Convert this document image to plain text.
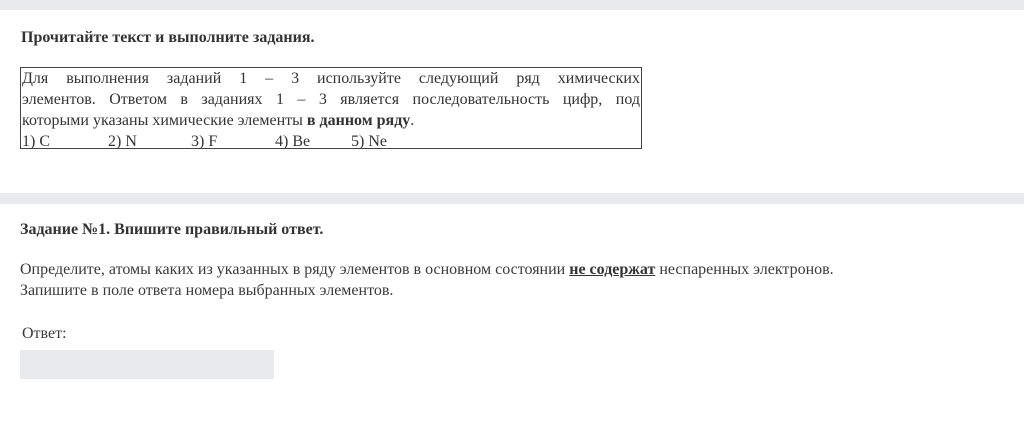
Прочитайте текст и выполните задания.
Для выполнения заданий 1 – 3 используйте следующий ряд химических
элементов. Ответом в заданиях 1 – 3 является последовательность цифр, под
которыми указаны химические элементы в данном ряду.
1) C	2) N	3) F	4) Be	5) Ne
Задание №1. Впишите правильный ответ.
Определите, атомы каких из указанных в ряду элементов в основном состоянии не содержат неспаренных электронов.
Запишите в поле ответа номера выбранных элементов.
Ответ:
